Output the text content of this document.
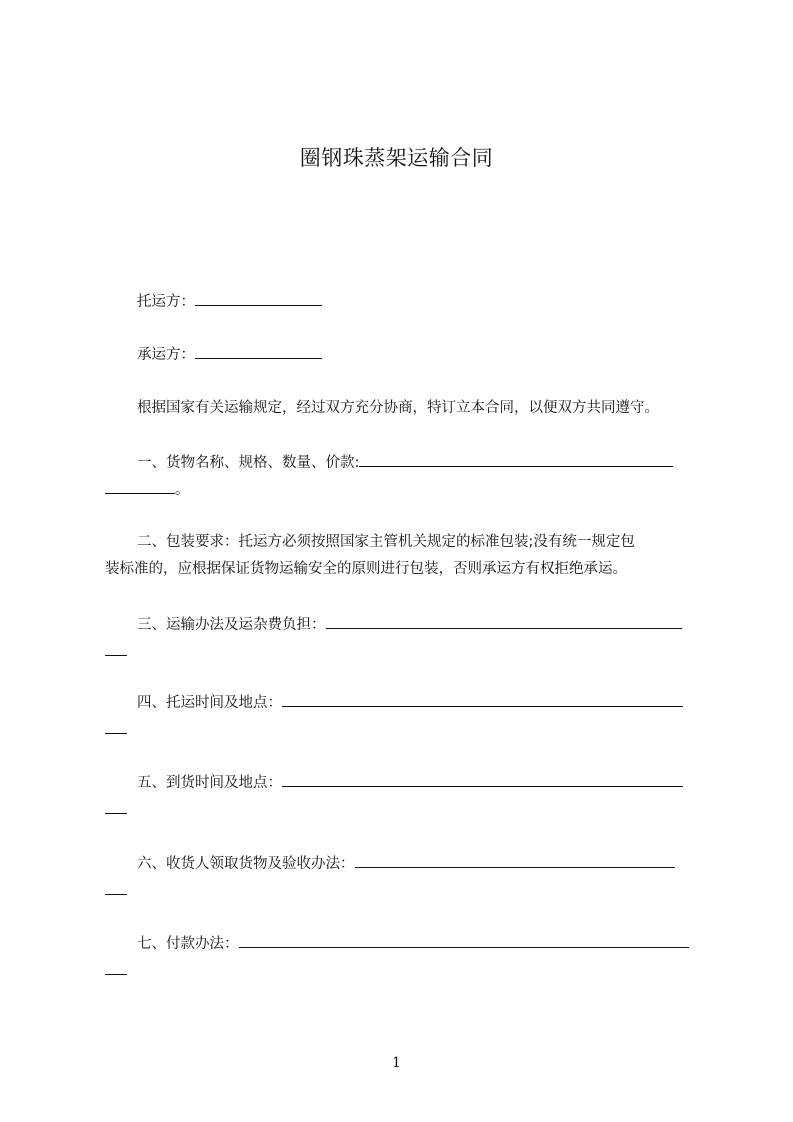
圈钢珠蒸架运输合同
托运方：
承运方：
根据国家有关运输规定，经过双方充分协商，特订立本合同，以便双方共同遵守。
一、货物名称、规格、数量、价款:
。
二、包装要求：托运方必须按照国家主管机关规定的标准包装;没有统一规定包
装标准的，应根据保证货物运输安全的原则进行包装，否则承运方有权拒绝承运。
三、运输办法及运杂费负担：
四、托运时间及地点：
五、到货时间及地点：
六、收货人领取货物及验收办法：
七、付款办法：
1
